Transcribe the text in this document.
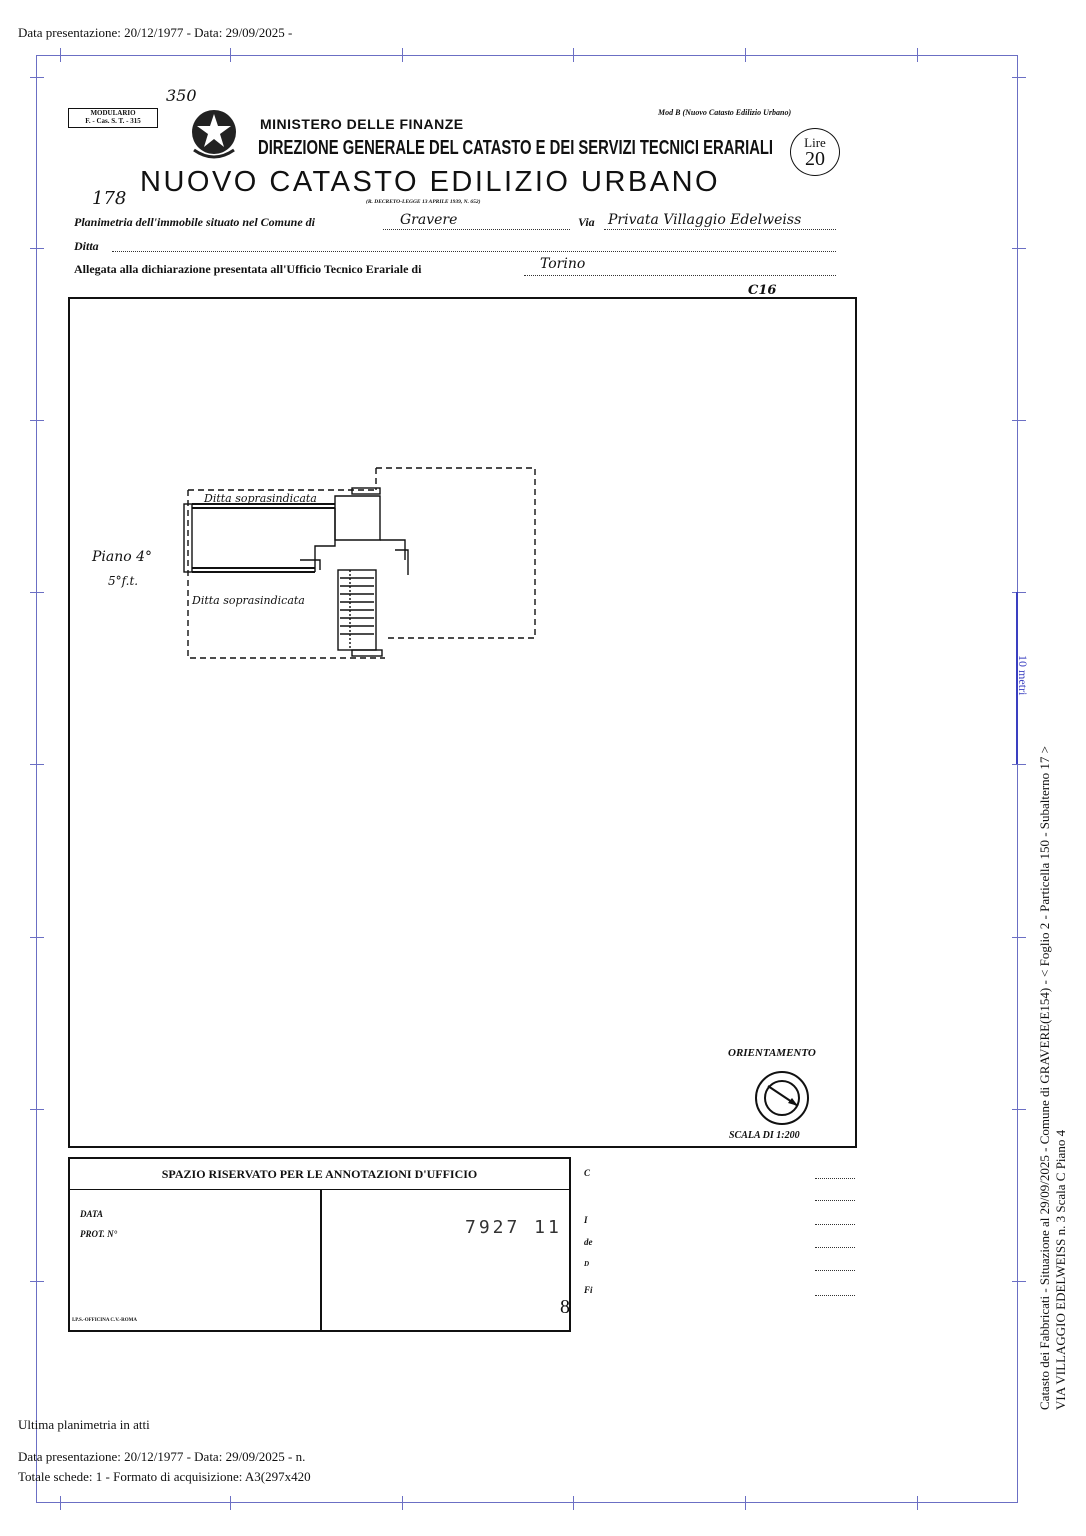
Data presentazione: 20/12/1977 - Data: 29/09/2025 -
MODULARIO
F. - Cas. S. T. - 315
350
MINISTERO DELLE FINANZE
Mod B (Nuovo Catasto Edilizio Urbano)
DIREZIONE GENERALE DEL CATASTO E DEI SERVIZI TECNICI ERARIALI	Lire
20
NUOVO CATASTO EDILIZIO URBANO
(R. DECRETO-LEGGE 13 APRILE 1939, N. 652)
178
Planimetria dell'immobile situato nel Comune di	Gravere	Via Privata Villaggio Edelweiss
Ditta
Allegata alla dichiarazione presentata all'Ufficio Tecnico Erariale di	Torino
C16
Ditta soprasindicata
Ditta soprasindicata
Piano 4°
5°f.t.
ORIENTAMENTO
SCALA DI 1:200
SPAZIO RISERVATO PER LE ANNOTAZIONI D'UFFICIO
DATA
PROT. N°	7927 11
I.P.S.-OFFICINA C.V.-ROMA
C
I
de
D
Fi
8
10 metri
Catasto dei Fabbricati - Situazione al 29/09/2025 - Comune di GRAVERE(E154) - < Foglio 2 - Particella 150 - Subalterno 17 > VIA VILLAGGIO EDELWEISS n. 3 Scala C Piano 4
Ultima planimetria in atti
Data presentazione: 20/12/1977 - Data: 29/09/2025 - n.
Totale schede: 1 - Formato di acquisizione: A3(297x420
